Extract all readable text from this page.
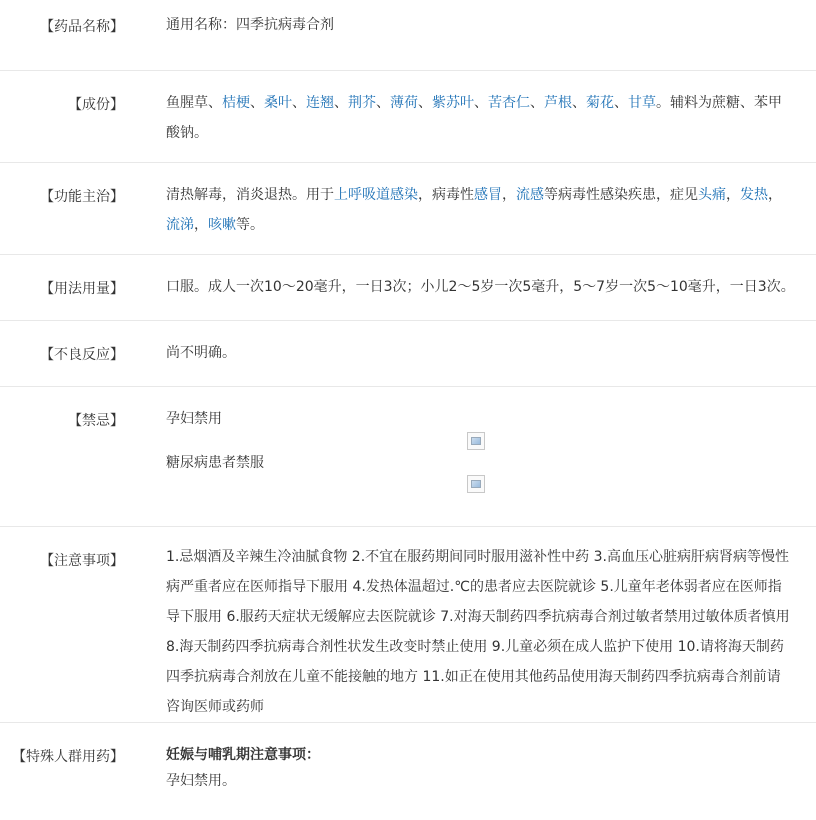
【药品名称】	通用名称：四季抗病毒合剂
【成份】	鱼腥草、桔梗、桑叶、连翘、荆芥、薄荷、紫苏叶、苦杏仁、芦根、菊花、甘草。辅料为蔗糖、苯甲酸钠。
【功能主治】	清热解毒，消炎退热。用于上呼吸道感染，病毒性感冒，流感等病毒性感染疾患，症见头痛，发热，流涕，咳嗽等。
【用法用量】	口服。成人一次10～20毫升，一日3次；小儿2～5岁一次5毫升，5～7岁一次5～10毫升，一日3次。
【不良反应】	尚不明确。
【禁忌】	孕妇禁用
糖尿病患者禁服
【注意事项】	1.忌烟酒及辛辣生冷油腻食物 2.不宜在服药期间同时服用滋补性中药 3.高血压心脏病肝病肾病等慢性病严重者应在医师指导下服用 4.发热体温超过.℃的患者应去医院就诊 5.儿童年老体弱者应在医师指导下服用 6.服药天症状无缓解应去医院就诊 7.对海天制药四季抗病毒合剂过敏者禁用过敏体质者慎用 8.海天制药四季抗病毒合剂性状发生改变时禁止使用 9.儿童必须在成人监护下使用 10.请将海天制药四季抗病毒合剂放在儿童不能接触的地方 11.如正在使用其他药品使用海天制药四季抗病毒合剂前请咨询医师或药师
【特殊人群用药】	妊娠与哺乳期注意事项：
孕妇禁用。
